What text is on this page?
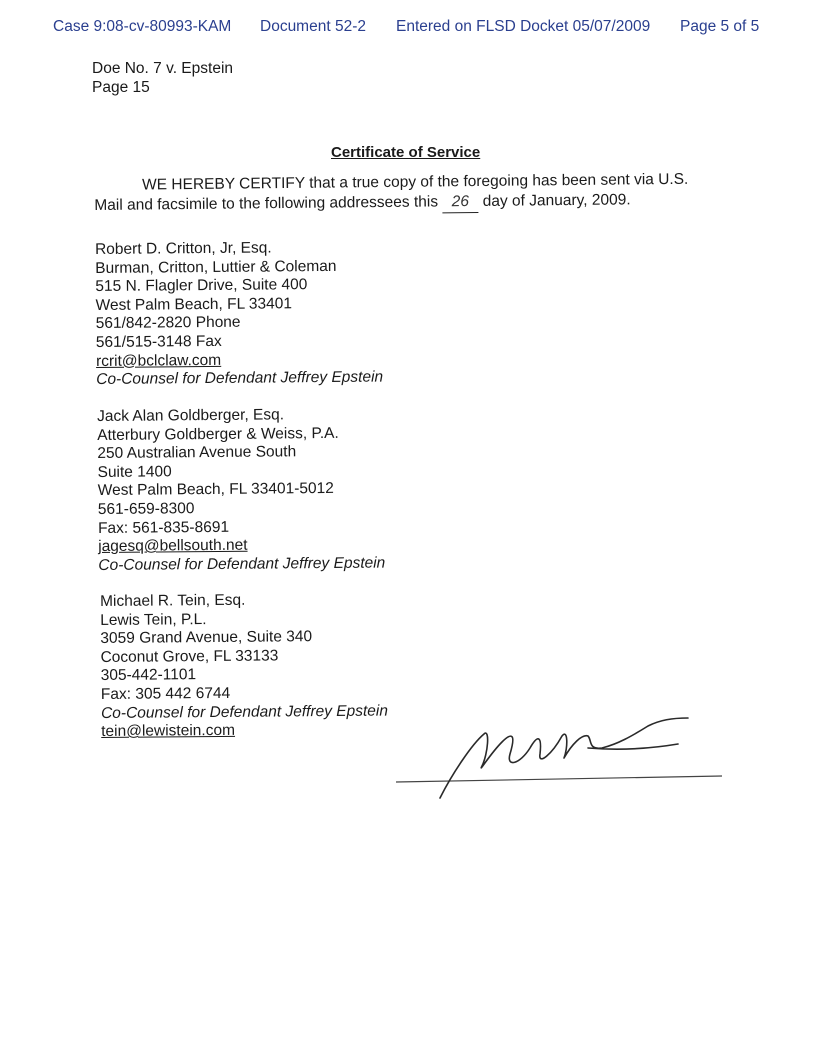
Case 9:08-cv-80993-KAM Document 52-2 Entered on FLSD Docket 05/07/2009 Page 5 of 5
Doe No. 7 v. Epstein
Page 15
Certificate of Service
WE HEREBY CERTIFY that a true copy of the foregoing has been sent via U.S.
Mail and facsimile to the following addressees this 26 day of January, 2009.
Robert D. Critton, Jr, Esq.
Burman, Critton, Luttier & Coleman
515 N. Flagler Drive, Suite 400
West Palm Beach, FL 33401
561/842-2820 Phone
561/515-3148 Fax
rcrit@bclclaw.com
Co-Counsel for Defendant Jeffrey Epstein
Jack Alan Goldberger, Esq.
Atterbury Goldberger & Weiss, P.A.
250 Australian Avenue South
Suite 1400
West Palm Beach, FL 33401-5012
561-659-8300
Fax: 561-835-8691
jagesq@bellsouth.net
Co-Counsel for Defendant Jeffrey Epstein
Michael R. Tein, Esq.
Lewis Tein, P.L.
3059 Grand Avenue, Suite 340
Coconut Grove, FL 33133
305-442-1101
Fax: 305 442 6744
Co-Counsel for Defendant Jeffrey Epstein
tein@lewistein.com
